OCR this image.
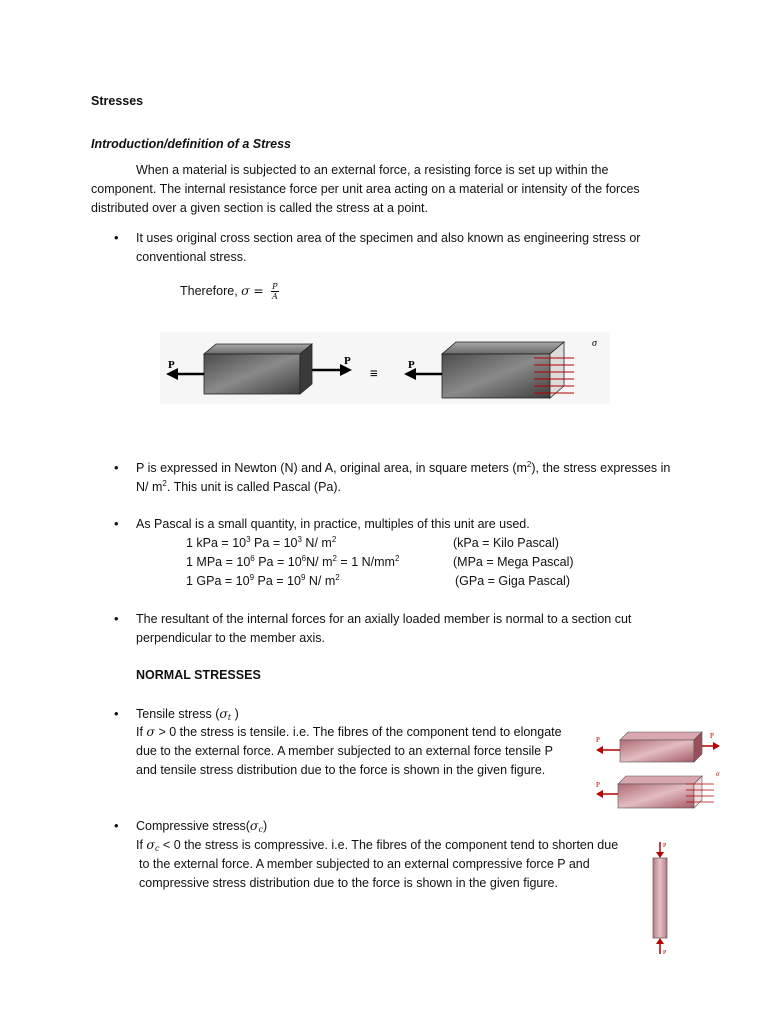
Stresses
Introduction/definition of a Stress
When a material is subjected to an external force, a resisting force is set up within the
component. The internal resistance force per unit area acting on a material or intensity of the forces
distributed over a given section is called the stress at a point.
• It uses original cross section area of the specimen and also known as engineering stress or
conventional stress.
Therefore, $\sigma = \frac{P}{A}$
P	P
≡
P
σ
• P is expressed in Newton (N) and A, original area, in square meters $(m^2)$, the stress expresses in
N/ $m^2$. This unit is called Pascal (Pa).
• As Pascal is a small quantity, in practice, multiples of this unit are used.
1 kPa = $10^3$ $Pa = 10^3$ N/ $m^2$	(kPa = Kilo Pascal)
1 MPa = $10^6$ $Pa = 10^6N/$ $m^2 = 1$ $N/mm^2$	(MPa = Mega Pascal)
1 GPa = $10^9$ $Pa = 10^9$ N/ $m^2$	(GPa = Giga Pascal)
• The resultant of the internal forces for an axially loaded member is normal to a section cut
perpendicular to the member axis.
NORMAL STRESSES
• Tensile stress ($\sigma_t$ )
If σ > 0 the stress is tensile. i.e. The fibres of the component tend to elongate
due to the external force. A member subjected to an external force tensile P
and tensile stress distribution due to the force is shown in the given figure.
P	P
P
σ
• Compressive $stress(\sigma_c)$
If $\sigma_c < 0$ the stress is compressive. i.e. The fibres of the component tend to shorten due
to the external force. A member subjected to an external compressive force P and
compressive stress distribution due to the force is shown in the given figure.
P
P
